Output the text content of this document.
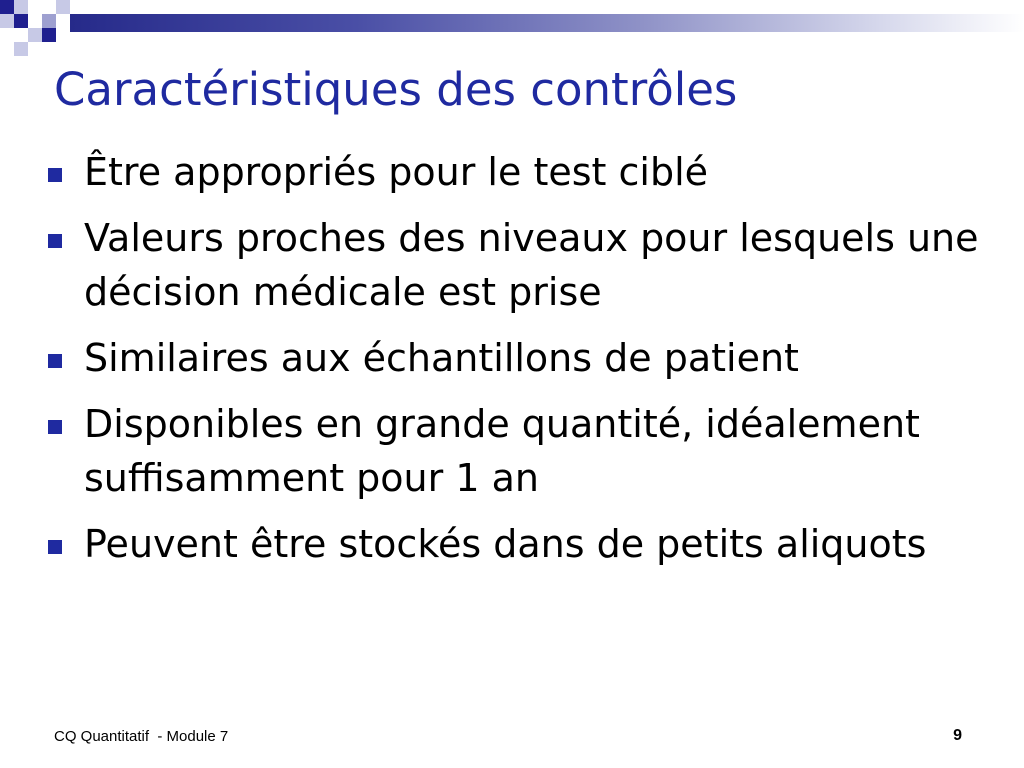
Caractéristiques des contrôles
Être appropriés pour le test ciblé
Valeurs proches des niveaux pour lesquels une décision médicale est prise
Similaires aux échantillons de patient
Disponibles en grande quantité, idéalement suffisamment pour 1 an
Peuvent être stockés dans de petits aliquots
CQ Quantitatif  - Module 7	9
